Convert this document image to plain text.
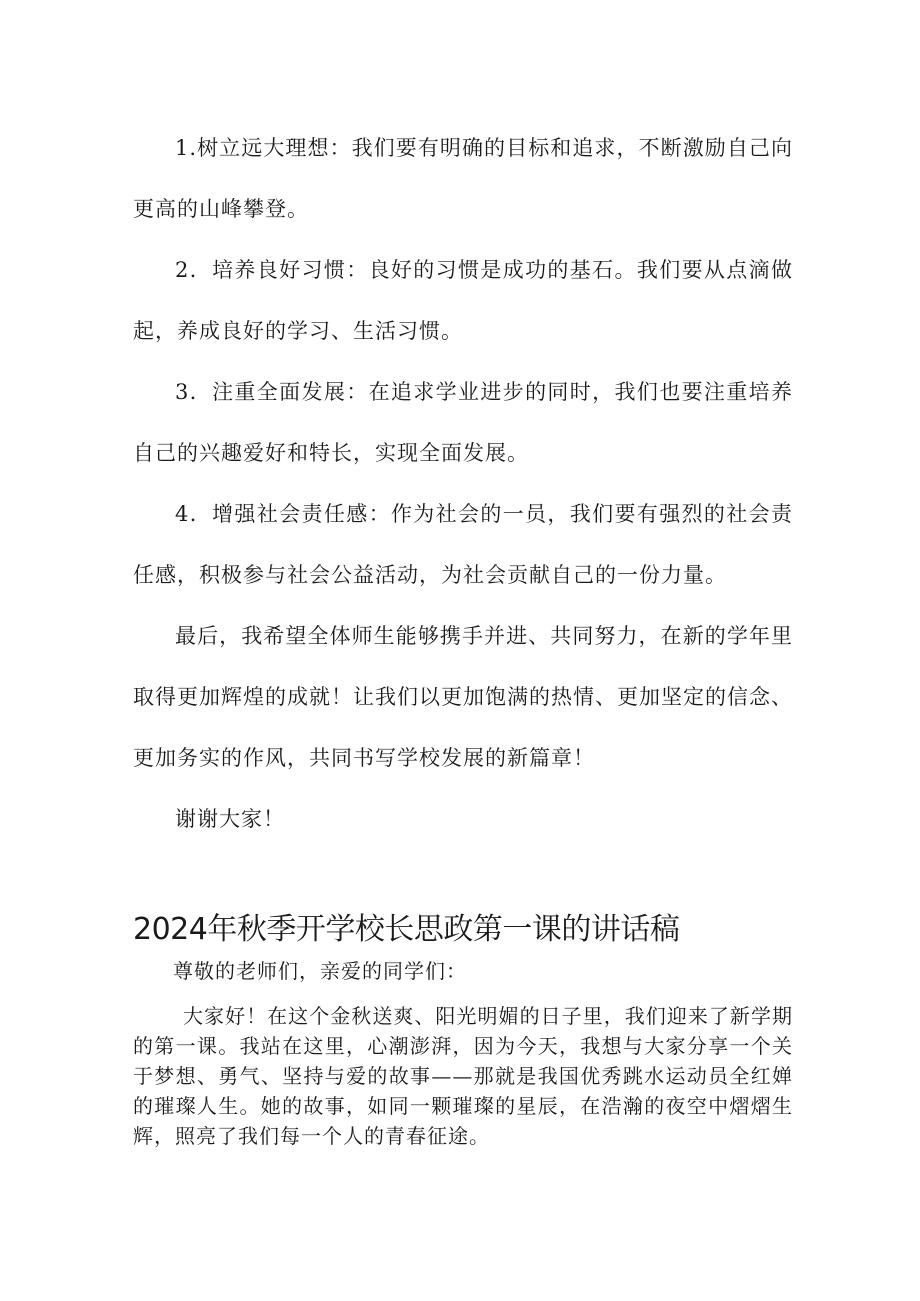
1.树立远大理想：我们要有明确的目标和追求，不断激励自己向更高的山峰攀登。

2．培养良好习惯：良好的习惯是成功的基石。我们要从点滴做起，养成良好的学习、生活习惯。

3．注重全面发展：在追求学业进步的同时，我们也要注重培养自己的兴趣爱好和特长，实现全面发展。

4．增强社会责任感：作为社会的一员，我们要有强烈的社会责任感，积极参与社会公益活动，为社会贡献自己的一份力量。

最后，我希望全体师生能够携手并进、共同努力，在新的学年里取得更加辉煌的成就！让我们以更加饱满的热情、更加坚定的信念、更加务实的作风，共同书写学校发展的新篇章！

谢谢大家！

2024年秋季开学校长思政第一课的讲话稿

尊敬的老师们，亲爱的同学们：

大家好！在这个金秋送爽、阳光明媚的日子里，我们迎来了新学期的第一课。我站在这里，心潮澎湃，因为今天，我想与大家分享一个关于梦想、勇气、坚持与爱的故事——那就是我国优秀跳水运动员全红婵的璀璨人生。她的故事，如同一颗璀璨的星辰，在浩瀚的夜空中熠熠生辉，照亮了我们每一个人的青春征途。
